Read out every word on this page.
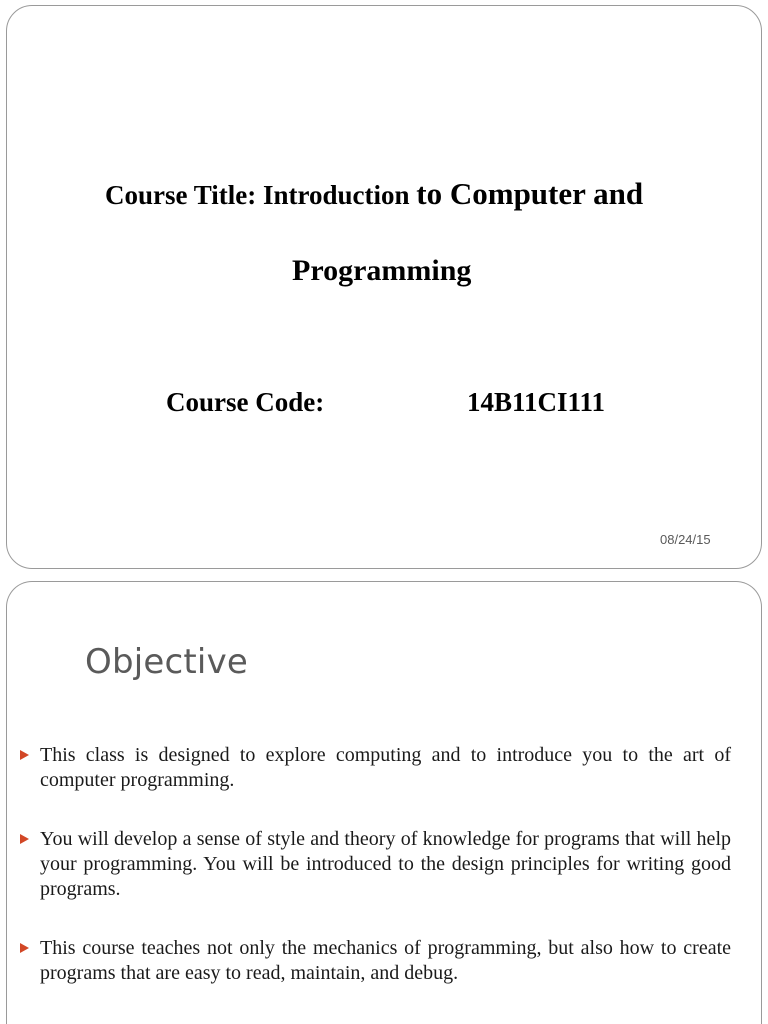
Course Title: Introduction to Computer and
Programming
Course Code:	14B11CI111
08/24/15
Objective
This class is designed to explore computing and to introduce you to the art of computer programming.
You will develop a sense of style and theory of knowledge for programs that will help your programming. You will be introduced to the design principles for writing good programs.
This course teaches not only the mechanics of programming, but also how to create programs that are easy to read, maintain, and debug.
